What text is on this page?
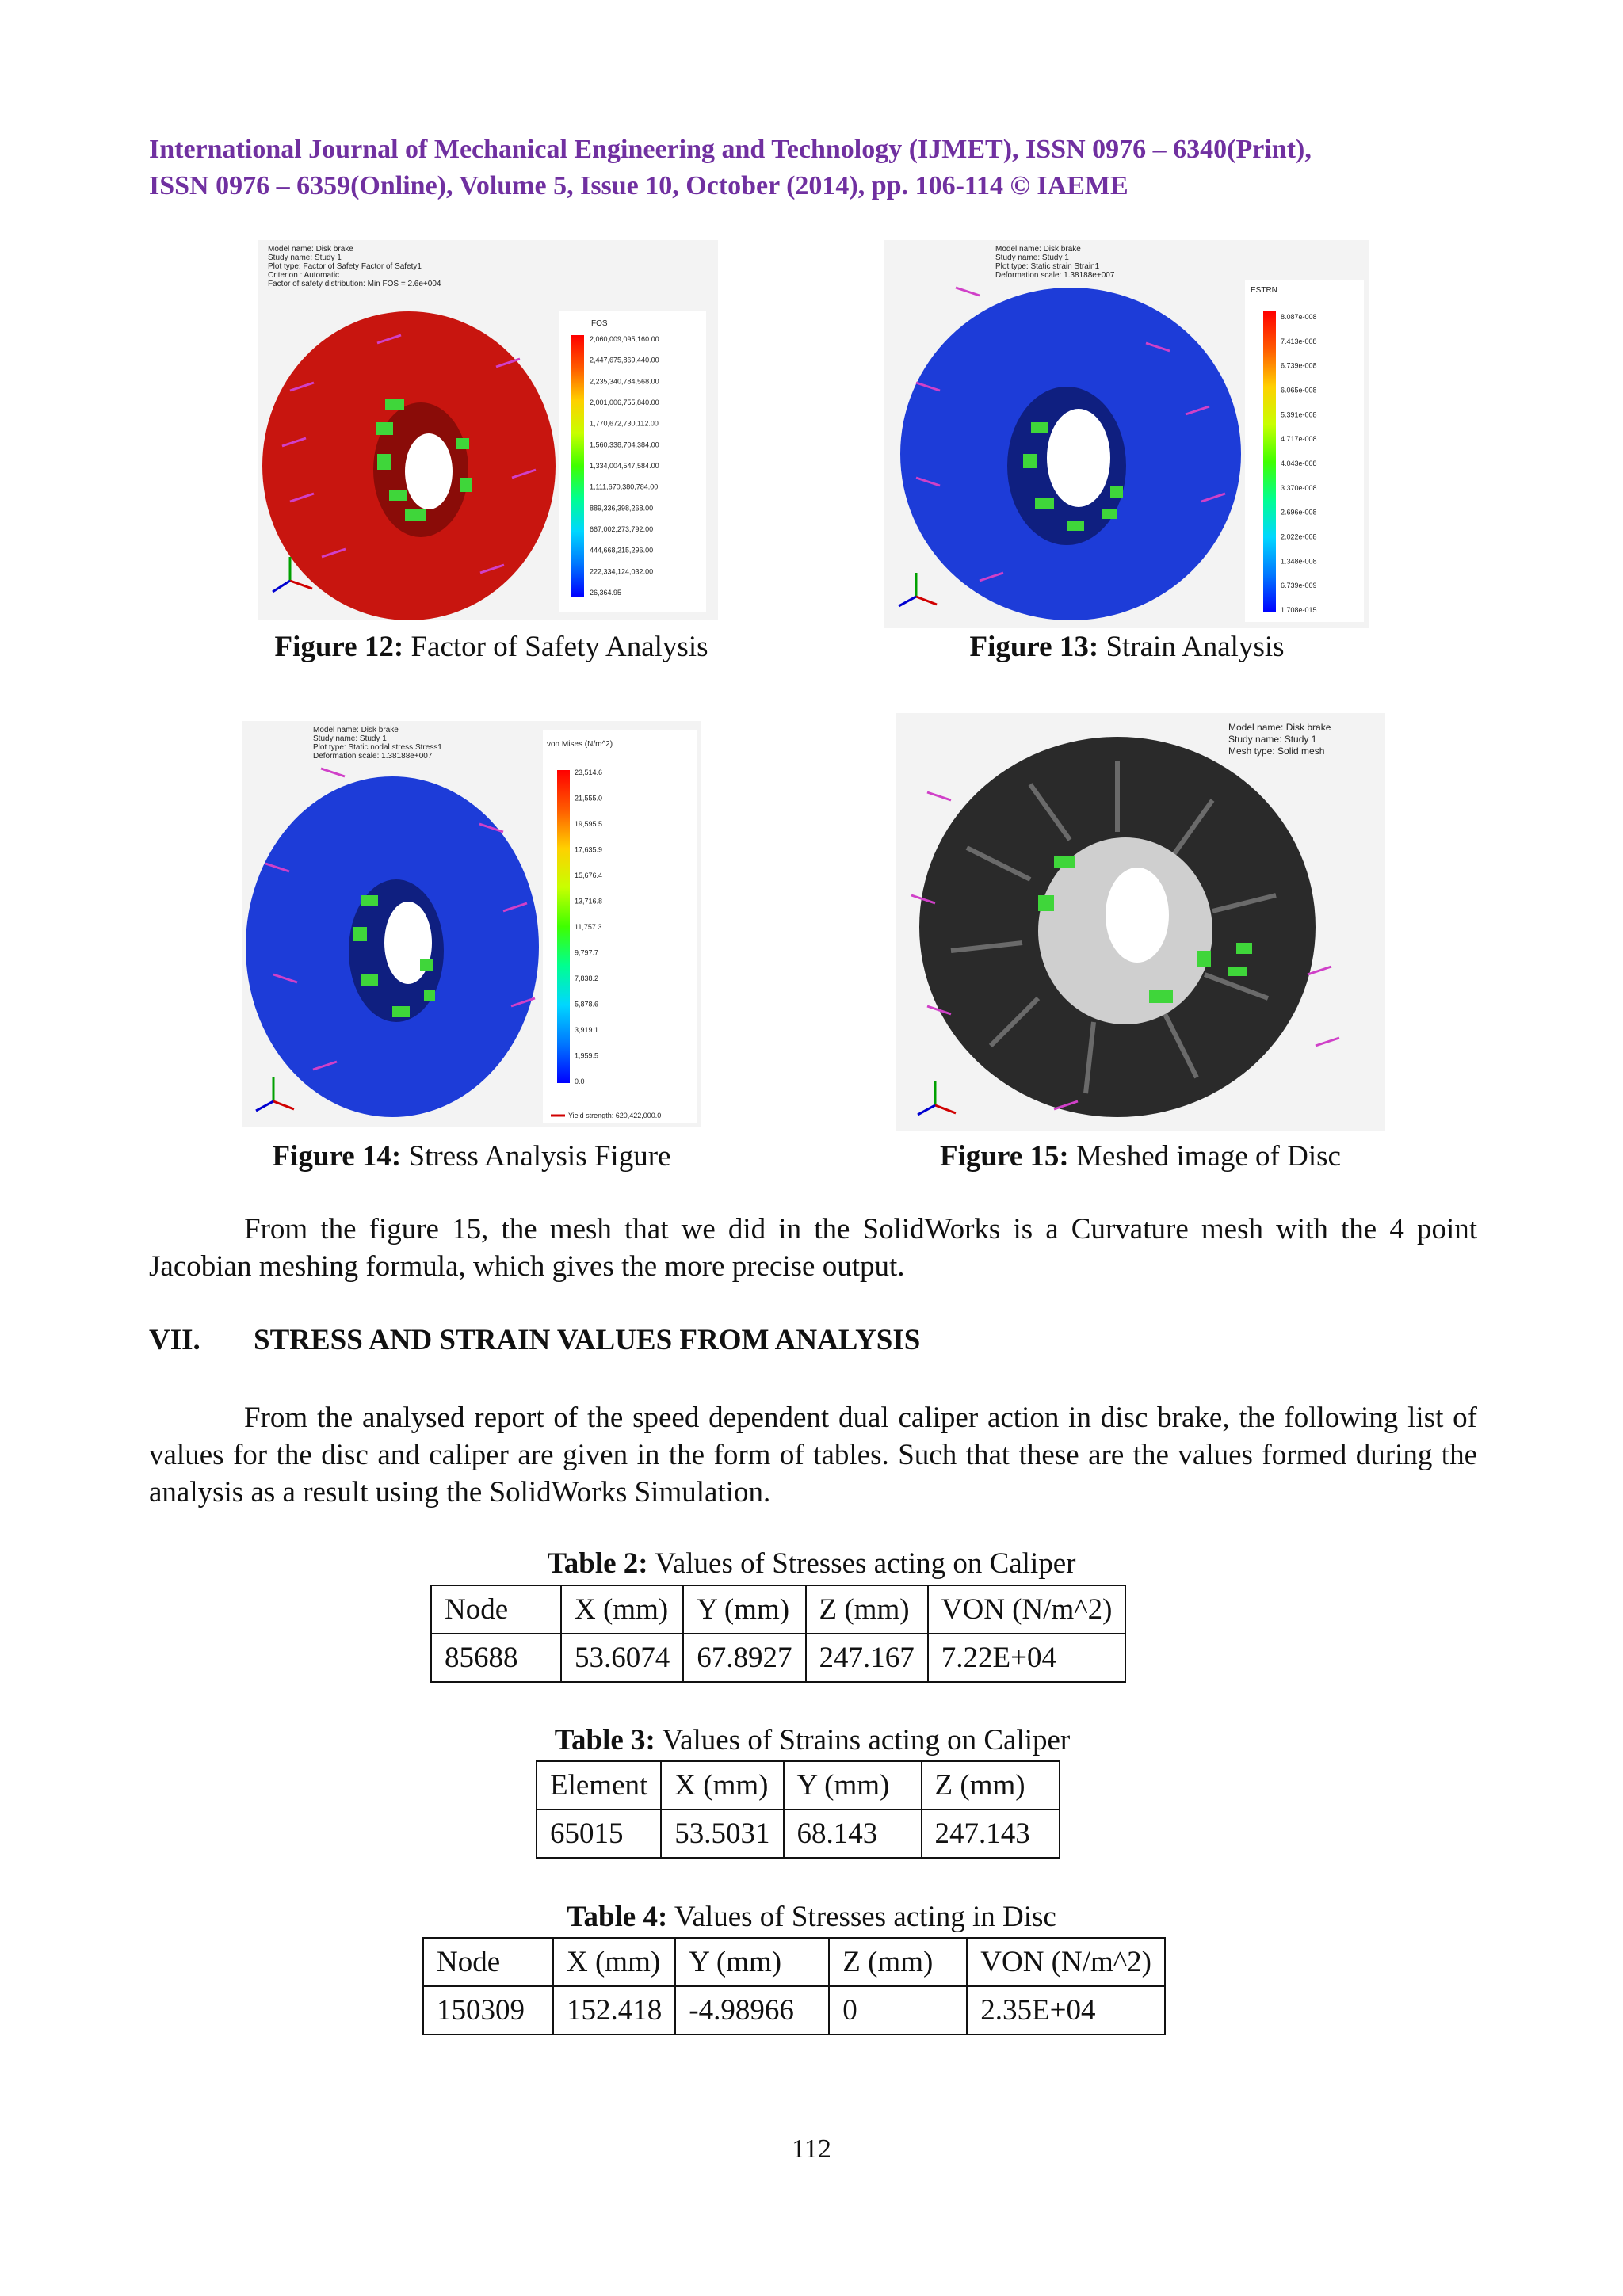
International Journal of Mechanical Engineering and Technology (IJMET), ISSN 0976 – 6340(Print),
ISSN 0976 – 6359(Online), Volume 5, Issue 10, October (2014), pp. 106-114 © IAEME
Model name: Disk brake
Study name: Study 1
Plot type: Factor of Safety Factor of Safety1
Criterion : Automatic
Factor of safety distribution: Min FOS = 2.6e+004
FOS
2,060,009,095,160.00
2,447,675,869,440.00
2,235,340,784,568.00
2,001,006,755,840.00
1,770,672,730,112.00
1,560,338,704,384.00
1,334,004,547,584.00
1,111,670,380,784.00
889,336,398,268.00
667,002,273,792.00
444,668,215,296.00
222,334,124,032.00
26,364.95
Figure 12: Factor of Safety Analysis
Model name: Disk brake
Study name: Study 1
Plot type: Static strain Strain1
Deformation scale: 1.38188e+007
ESTRN
8.087e-008
7.413e-008
6.739e-008
6.065e-008
5.391e-008
4.717e-008
4.043e-008
3.370e-008
2.696e-008
2.022e-008
1.348e-008
6.739e-009
1.708e-015
Figure 13: Strain Analysis
Model name: Disk brake
Study name: Study 1
Plot type: Static nodal stress Stress1
Deformation scale: 1.38188e+007
von Mises (N/m^2)
23,514.6
21,555.0
19,595.5
17,635.9
15,676.4
13,716.8
11,757.3
9,797.7
7,838.2
5,878.6
3,919.1
1,959.5
0.0
Yield strength: 620,422,000.0
Figure 14: Stress Analysis Figure
Model name: Disk brake
Study name: Study 1
Mesh type: Solid mesh
Figure 15: Meshed image of Disc
From the figure 15, the mesh that we did in the SolidWorks is a Curvature mesh with the 4 point Jacobian meshing formula, which gives the more precise output.
VII. STRESS AND STRAIN VALUES FROM ANALYSIS
From the analysed report of the speed dependent dual caliper action in disc brake, the following list of values for the disc and caliper are given in the form of tables. Such that these are the values formed during the analysis as a result using the SolidWorks Simulation.
Table 2: Values of Stresses acting on Caliper
Node	X (mm)	Y (mm)	Z (mm)	VON (N/m^2)
85688	53.6074	67.8927	247.167	7.22E+04
Table 3: Values of Strains acting on Caliper
Element	X (mm)	Y (mm)	Z (mm)
65015	53.5031	68.143	247.143
Table 4: Values of Stresses acting in Disc
Node	X (mm)	Y (mm)	Z (mm)	VON (N/m^2)
150309	152.418	-4.98966	0	2.35E+04
112
